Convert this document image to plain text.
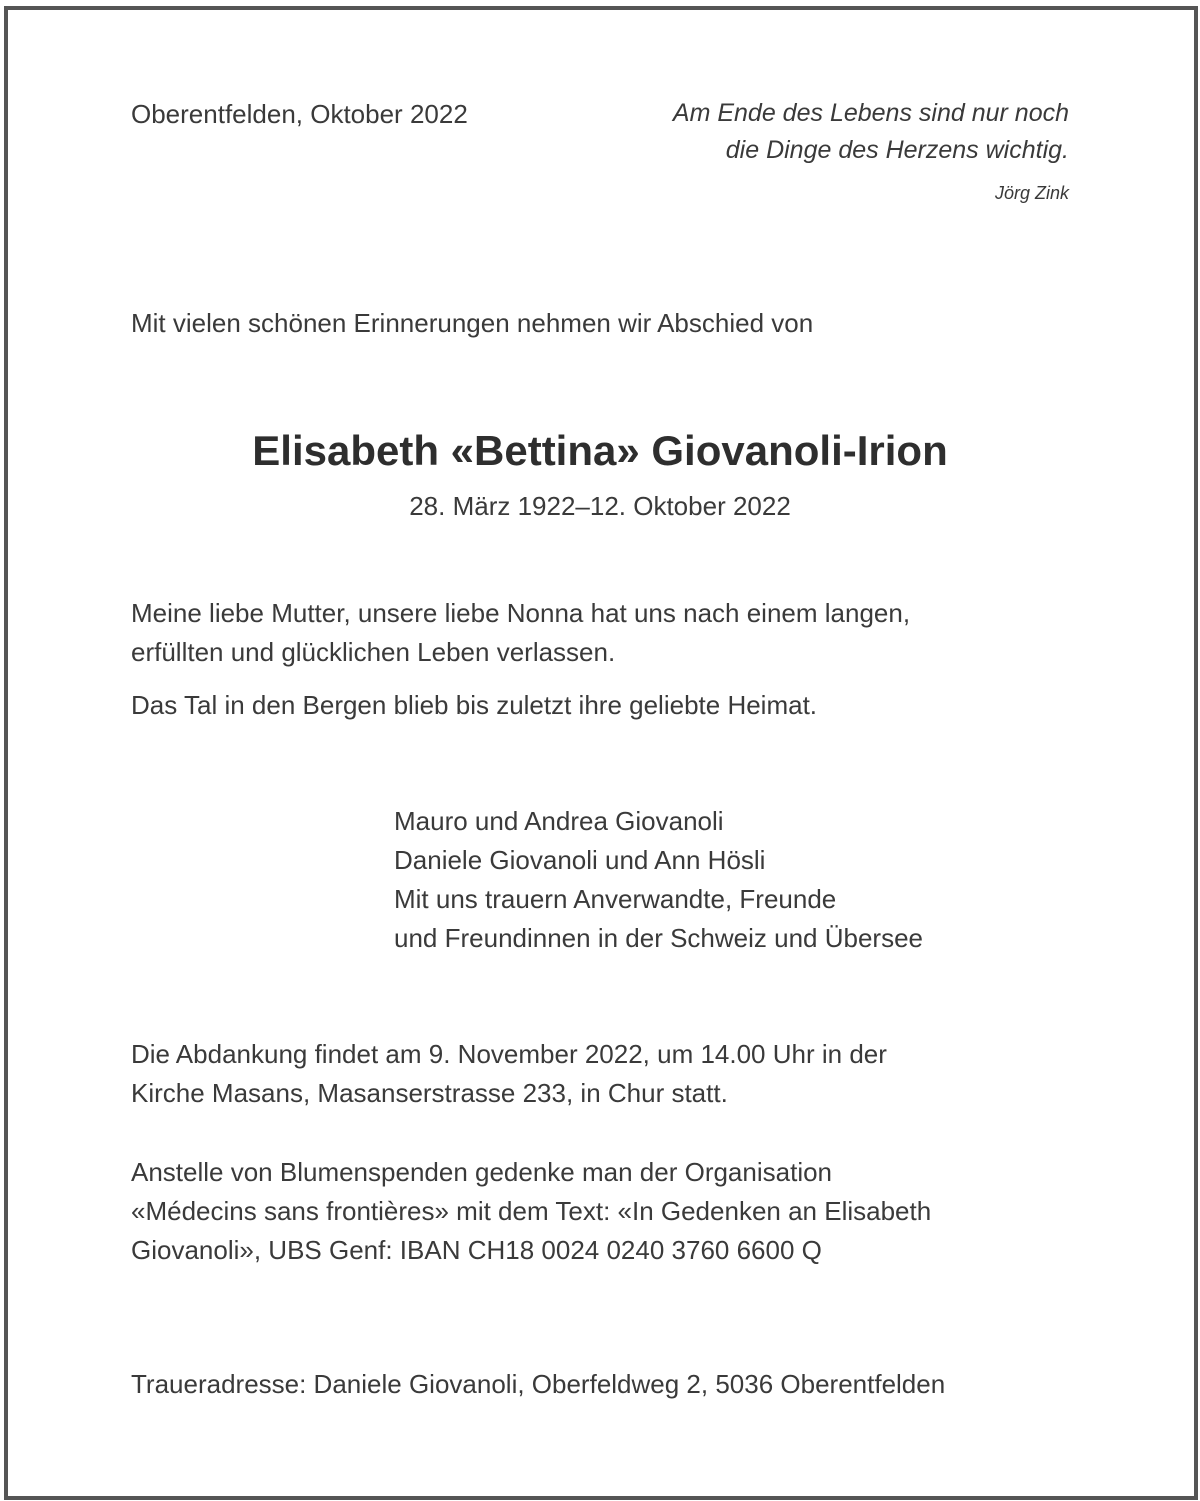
Oberentfelden, Oktober 2022	Am Ende des Lebens sind nur noch
die Dinge des Herzens wichtig.

Jörg Zink

Mit vielen schönen Erinnerungen nehmen wir Abschied von

Elisabeth «Bettina» Giovanoli-Irion

28. März 1922–12. Oktober 2022

Meine liebe Mutter, unsere liebe Nonna hat uns nach einem langen,
erfüllten und glücklichen Leben verlassen.

Das Tal in den Bergen blieb bis zuletzt ihre geliebte Heimat.

Mauro und Andrea Giovanoli
Daniele Giovanoli und Ann Hösli
Mit uns trauern Anverwandte, Freunde
und Freundinnen in der Schweiz und Übersee
Die Abdankung findet am 9. November 2022, um 14.00 Uhr in der
Kirche Masans, Masanserstrasse 233, in Chur statt.
Anstelle von Blumenspenden gedenke man der Organisation
«Médecins sans frontières» mit dem Text: «In Gedenken an Elisabeth
Giovanoli», UBS Genf: IBAN CH18 0024 0240 3760 6600 Q

Traueradresse: Daniele Giovanoli, Oberfeldweg 2, 5036 Oberentfelden
